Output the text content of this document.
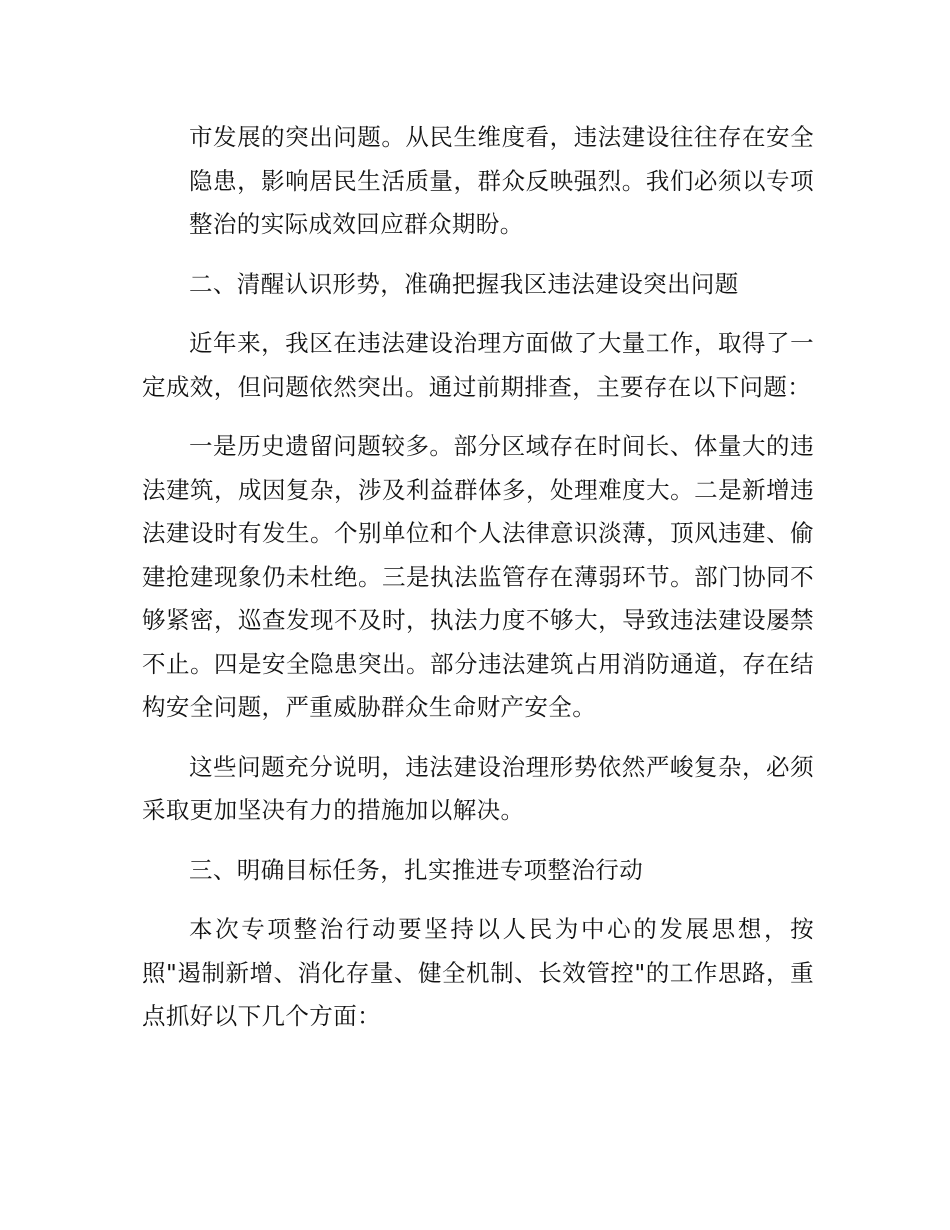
市发展的突出问题。从民生维度看，违法建设往往存在安全隐患，影响居民生活质量，群众反映强烈。我们必须以专项整治的实际成效回应群众期盼。

二、清醒认识形势，准确把握我区违法建设突出问题

近年来，我区在违法建设治理方面做了大量工作，取得了一定成效，但问题依然突出。通过前期排查，主要存在以下问题：

一是历史遗留问题较多。部分区域存在时间长、体量大的违法建筑，成因复杂，涉及利益群体多，处理难度大。二是新增违法建设时有发生。个别单位和个人法律意识淡薄，顶风违建、偷建抢建现象仍未杜绝。三是执法监管存在薄弱环节。部门协同不够紧密，巡查发现不及时，执法力度不够大，导致违法建设屡禁不止。四是安全隐患突出。部分违法建筑占用消防通道，存在结构安全问题，严重威胁群众生命财产安全。

这些问题充分说明，违法建设治理形势依然严峻复杂，必须采取更加坚决有力的措施加以解决。

三、明确目标任务，扎实推进专项整治行动

本次专项整治行动要坚持以人民为中心的发展思想，按照"遏制新增、消化存量、健全机制、长效管控"的工作思路，重点抓好以下几个方面：
